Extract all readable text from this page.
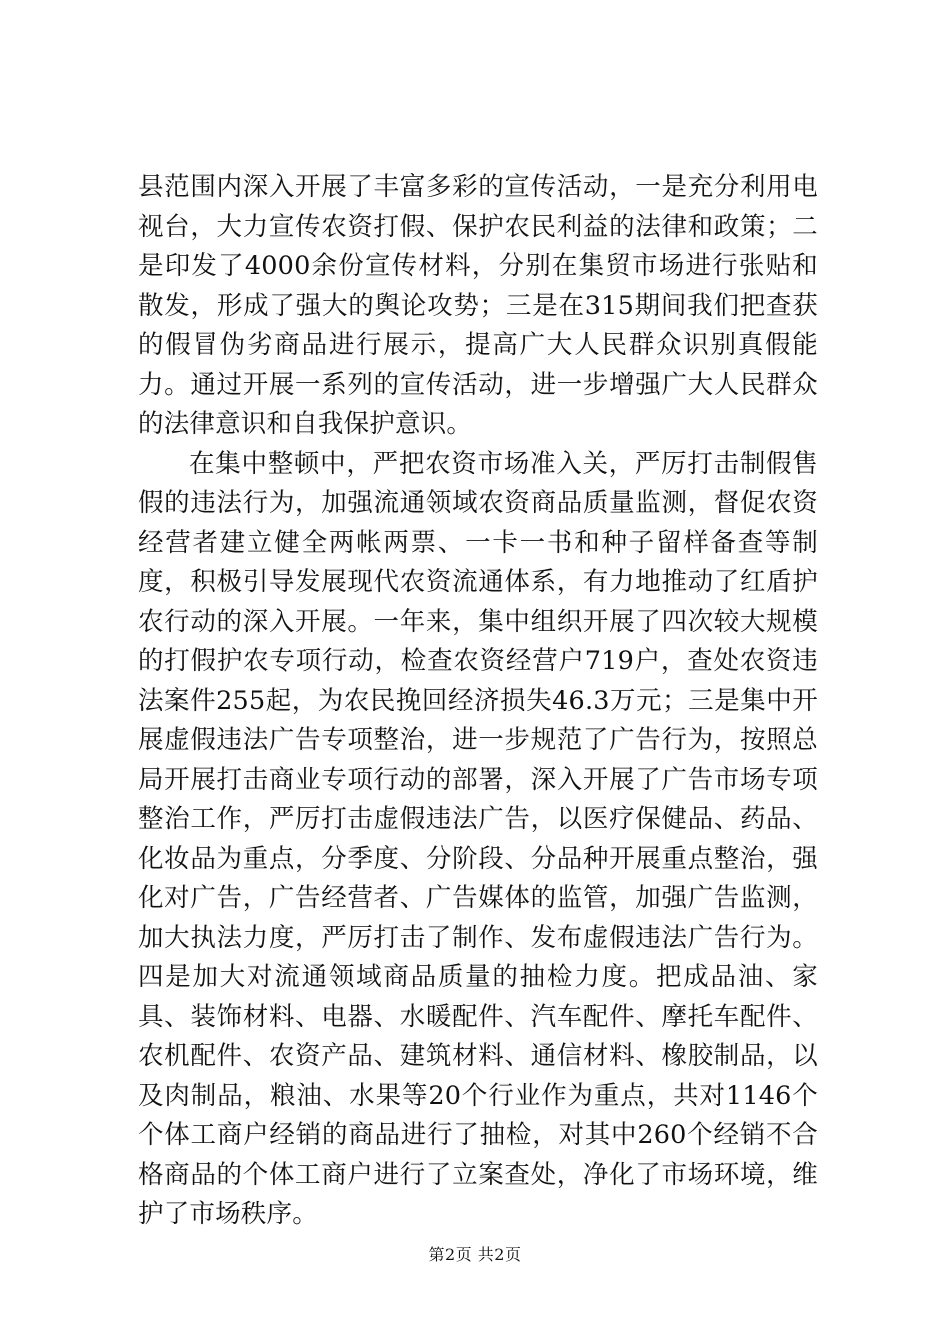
县范围内深入开展了丰富多彩的宣传活动，一是充分利用电视台，大力宣传农资打假、保护农民利益的法律和政策；二是印发了4000余份宣传材料，分别在集贸市场进行张贴和散发，形成了强大的舆论攻势；三是在315期间我们把查获的假冒伪劣商品进行展示，提高广大人民群众识别真假能力。通过开展一系列的宣传活动，进一步增强广大人民群众的法律意识和自我保护意识。

在集中整顿中，严把农资市场准入关，严厉打击制假售假的违法行为，加强流通领域农资商品质量监测，督促农资经营者建立健全两帐两票、一卡一书和种子留样备查等制度，积极引导发展现代农资流通体系，有力地推动了红盾护农行动的深入开展。一年来，集中组织开展了四次较大规模的打假护农专项行动，检查农资经营户719户，查处农资违法案件255起，为农民挽回经济损失46.3万元；三是集中开展虚假违法广告专项整治，进一步规范了广告行为，按照总局开展打击商业专项行动的部署，深入开展了广告市场专项整治工作，严厉打击虚假违法广告，以医疗保健品、药品、化妆品为重点，分季度、分阶段、分品种开展重点整治，强化对广告，广告经营者、广告媒体的监管，加强广告监测，加大执法力度，严厉打击了制作、发布虚假违法广告行为。四是加大对流通领域商品质量的抽检力度。把成品油、家具、装饰材料、电器、水暖配件、汽车配件、摩托车配件、农机配件、农资产品、建筑材料、通信材料、橡胶制品，以及肉制品，粮油、水果等20个行业作为重点，共对1146个个体工商户经销的商品进行了抽检，对其中260个经销不合格商品的个体工商户进行了立案查处，净化了市场环境，维护了市场秩序。

第2页 共2页
